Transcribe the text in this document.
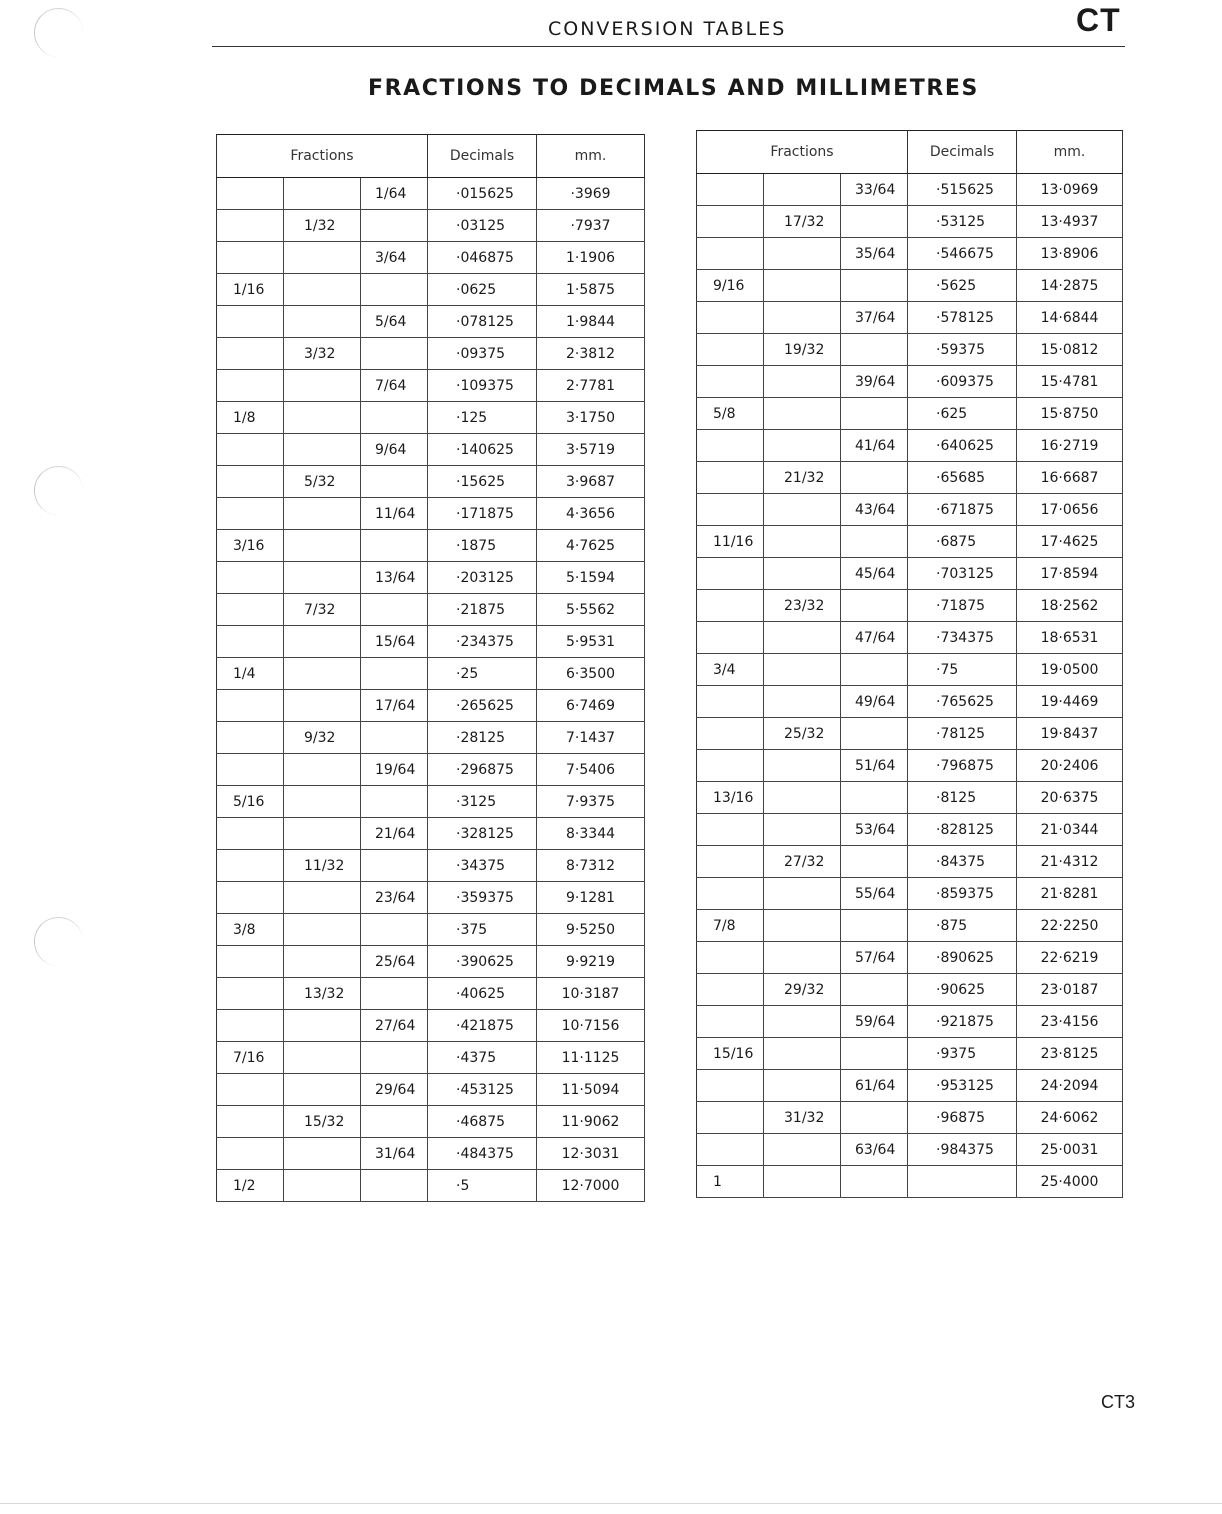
CONVERSION TABLES	CT
FRACTIONS TO DECIMALS AND MILLIMETRES
Fractions			Decimals	mm.
		1/64	·015625	·3969
	1/32		·03125	·7937
		3/64	·046875	1·1906
1/16			·0625	1·5875
		5/64	·078125	1·9844
	3/32		·09375	2·3812
		7/64	·109375	2·7781
1/8			·125	3·1750
		9/64	·140625	3·5719
	5/32		·15625	3·9687
		11/64	·171875	4·3656
3/16			·1875	4·7625
		13/64	·203125	5·1594
	7/32		·21875	5·5562
		15/64	·234375	5·9531
1/4			·25	6·3500
		17/64	·265625	6·7469
	9/32		·28125	7·1437
		19/64	·296875	7·5406
5/16			·3125	7·9375
		21/64	·328125	8·3344
	11/32		·34375	8·7312
		23/64	·359375	9·1281
3/8			·375	9·5250
		25/64	·390625	9·9219
	13/32		·40625	10·3187
		27/64	·421875	10·7156
7/16			·4375	11·1125
		29/64	·453125	11·5094
	15/32		·46875	11·9062
		31/64	·484375	12·3031
1/2			·5	12·7000
Fractions			Decimals	mm.
		33/64	·515625	13·0969
	17/32		·53125	13·4937
		35/64	·546675	13·8906
9/16			·5625	14·2875
		37/64	·578125	14·6844
	19/32		·59375	15·0812
		39/64	·609375	15·4781
5/8			·625	15·8750
		41/64	·640625	16·2719
	21/32		·65685	16·6687
		43/64	·671875	17·0656
11/16			·6875	17·4625
		45/64	·703125	17·8594
	23/32		·71875	18·2562
		47/64	·734375	18·6531
3/4			·75	19·0500
		49/64	·765625	19·4469
	25/32		·78125	19·8437
		51/64	·796875	20·2406
13/16			·8125	20·6375
		53/64	·828125	21·0344
	27/32		·84375	21·4312
		55/64	·859375	21·8281
7/8			·875	22·2250
		57/64	·890625	22·6219
	29/32		·90625	23·0187
		59/64	·921875	23·4156
15/16			·9375	23·8125
		61/64	·953125	24·2094
	31/32		·96875	24·6062
		63/64	·984375	25·0031
1				25·4000
CT3
